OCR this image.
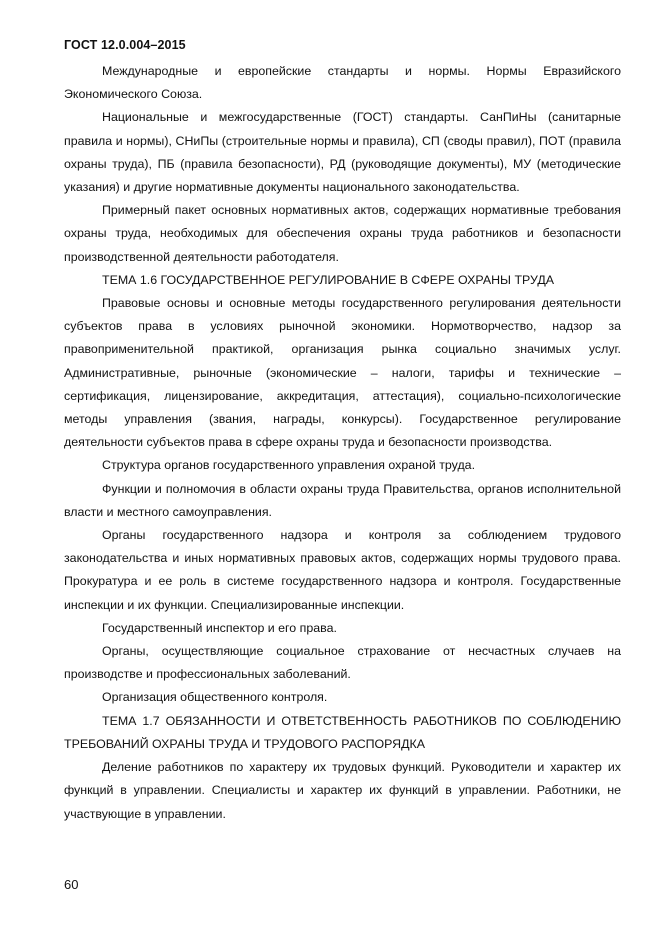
ГОСТ 12.0.004–2015

Международные и европейские стандарты и нормы. Нормы Евразийского Экономического Союза.

Национальные и межгосударственные (ГОСТ) стандарты. СанПиНы (санитарные правила и нормы), СНиПы (строительные нормы и правила), СП (своды правил), ПОТ (правила охраны труда), ПБ (правила безопасности), РД (руководящие документы), МУ (методические указания) и другие нормативные документы национального законодательства.

Примерный пакет основных нормативных актов, содержащих нормативные требования охраны труда, необходимых для обеспечения охраны труда работников и безопасности производственной деятельности работодателя.

ТЕМА 1.6 ГОСУДАРСТВЕННОЕ РЕГУЛИРОВАНИЕ В СФЕРЕ ОХРАНЫ ТРУДА

Правовые основы и основные методы государственного регулирования деятельности субъектов права в условиях рыночной экономики. Нормотворчество, надзор за правоприменительной практикой, организация рынка социально значимых услуг. Административные, рыночные (экономические – налоги, тарифы и технические – сертификация, лицензирование, аккредитация, аттестация), социально-психологические методы управления (звания, награды, конкурсы). Государственное регулирование деятельности субъектов права в сфере охраны труда и безопасности производства.

Структура органов государственного управления охраной труда.

Функции и полномочия в области охраны труда Правительства, органов исполнительной власти и местного самоуправления.

Органы государственного надзора и контроля за соблюдением трудового законодательства и иных нормативных правовых актов, содержащих нормы трудового права. Прокуратура и ее роль в системе государственного надзора и контроля. Государственные инспекции и их функции. Специализированные инспекции.

Государственный инспектор и его права.

Органы, осуществляющие социальное страхование от несчастных случаев на производстве и профессиональных заболеваний.

Организация общественного контроля.

ТЕМА 1.7 ОБЯЗАННОСТИ И ОТВЕТСТВЕННОСТЬ РАБОТНИКОВ ПО СОБЛЮДЕНИЮ ТРЕБОВАНИЙ ОХРАНЫ ТРУДА И ТРУДОВОГО РАСПОРЯДКА

Деление работников по характеру их трудовых функций. Руководители и характер их функций в управлении. Специалисты и характер их функций в управлении. Работники, не участвующие в управлении.

60
